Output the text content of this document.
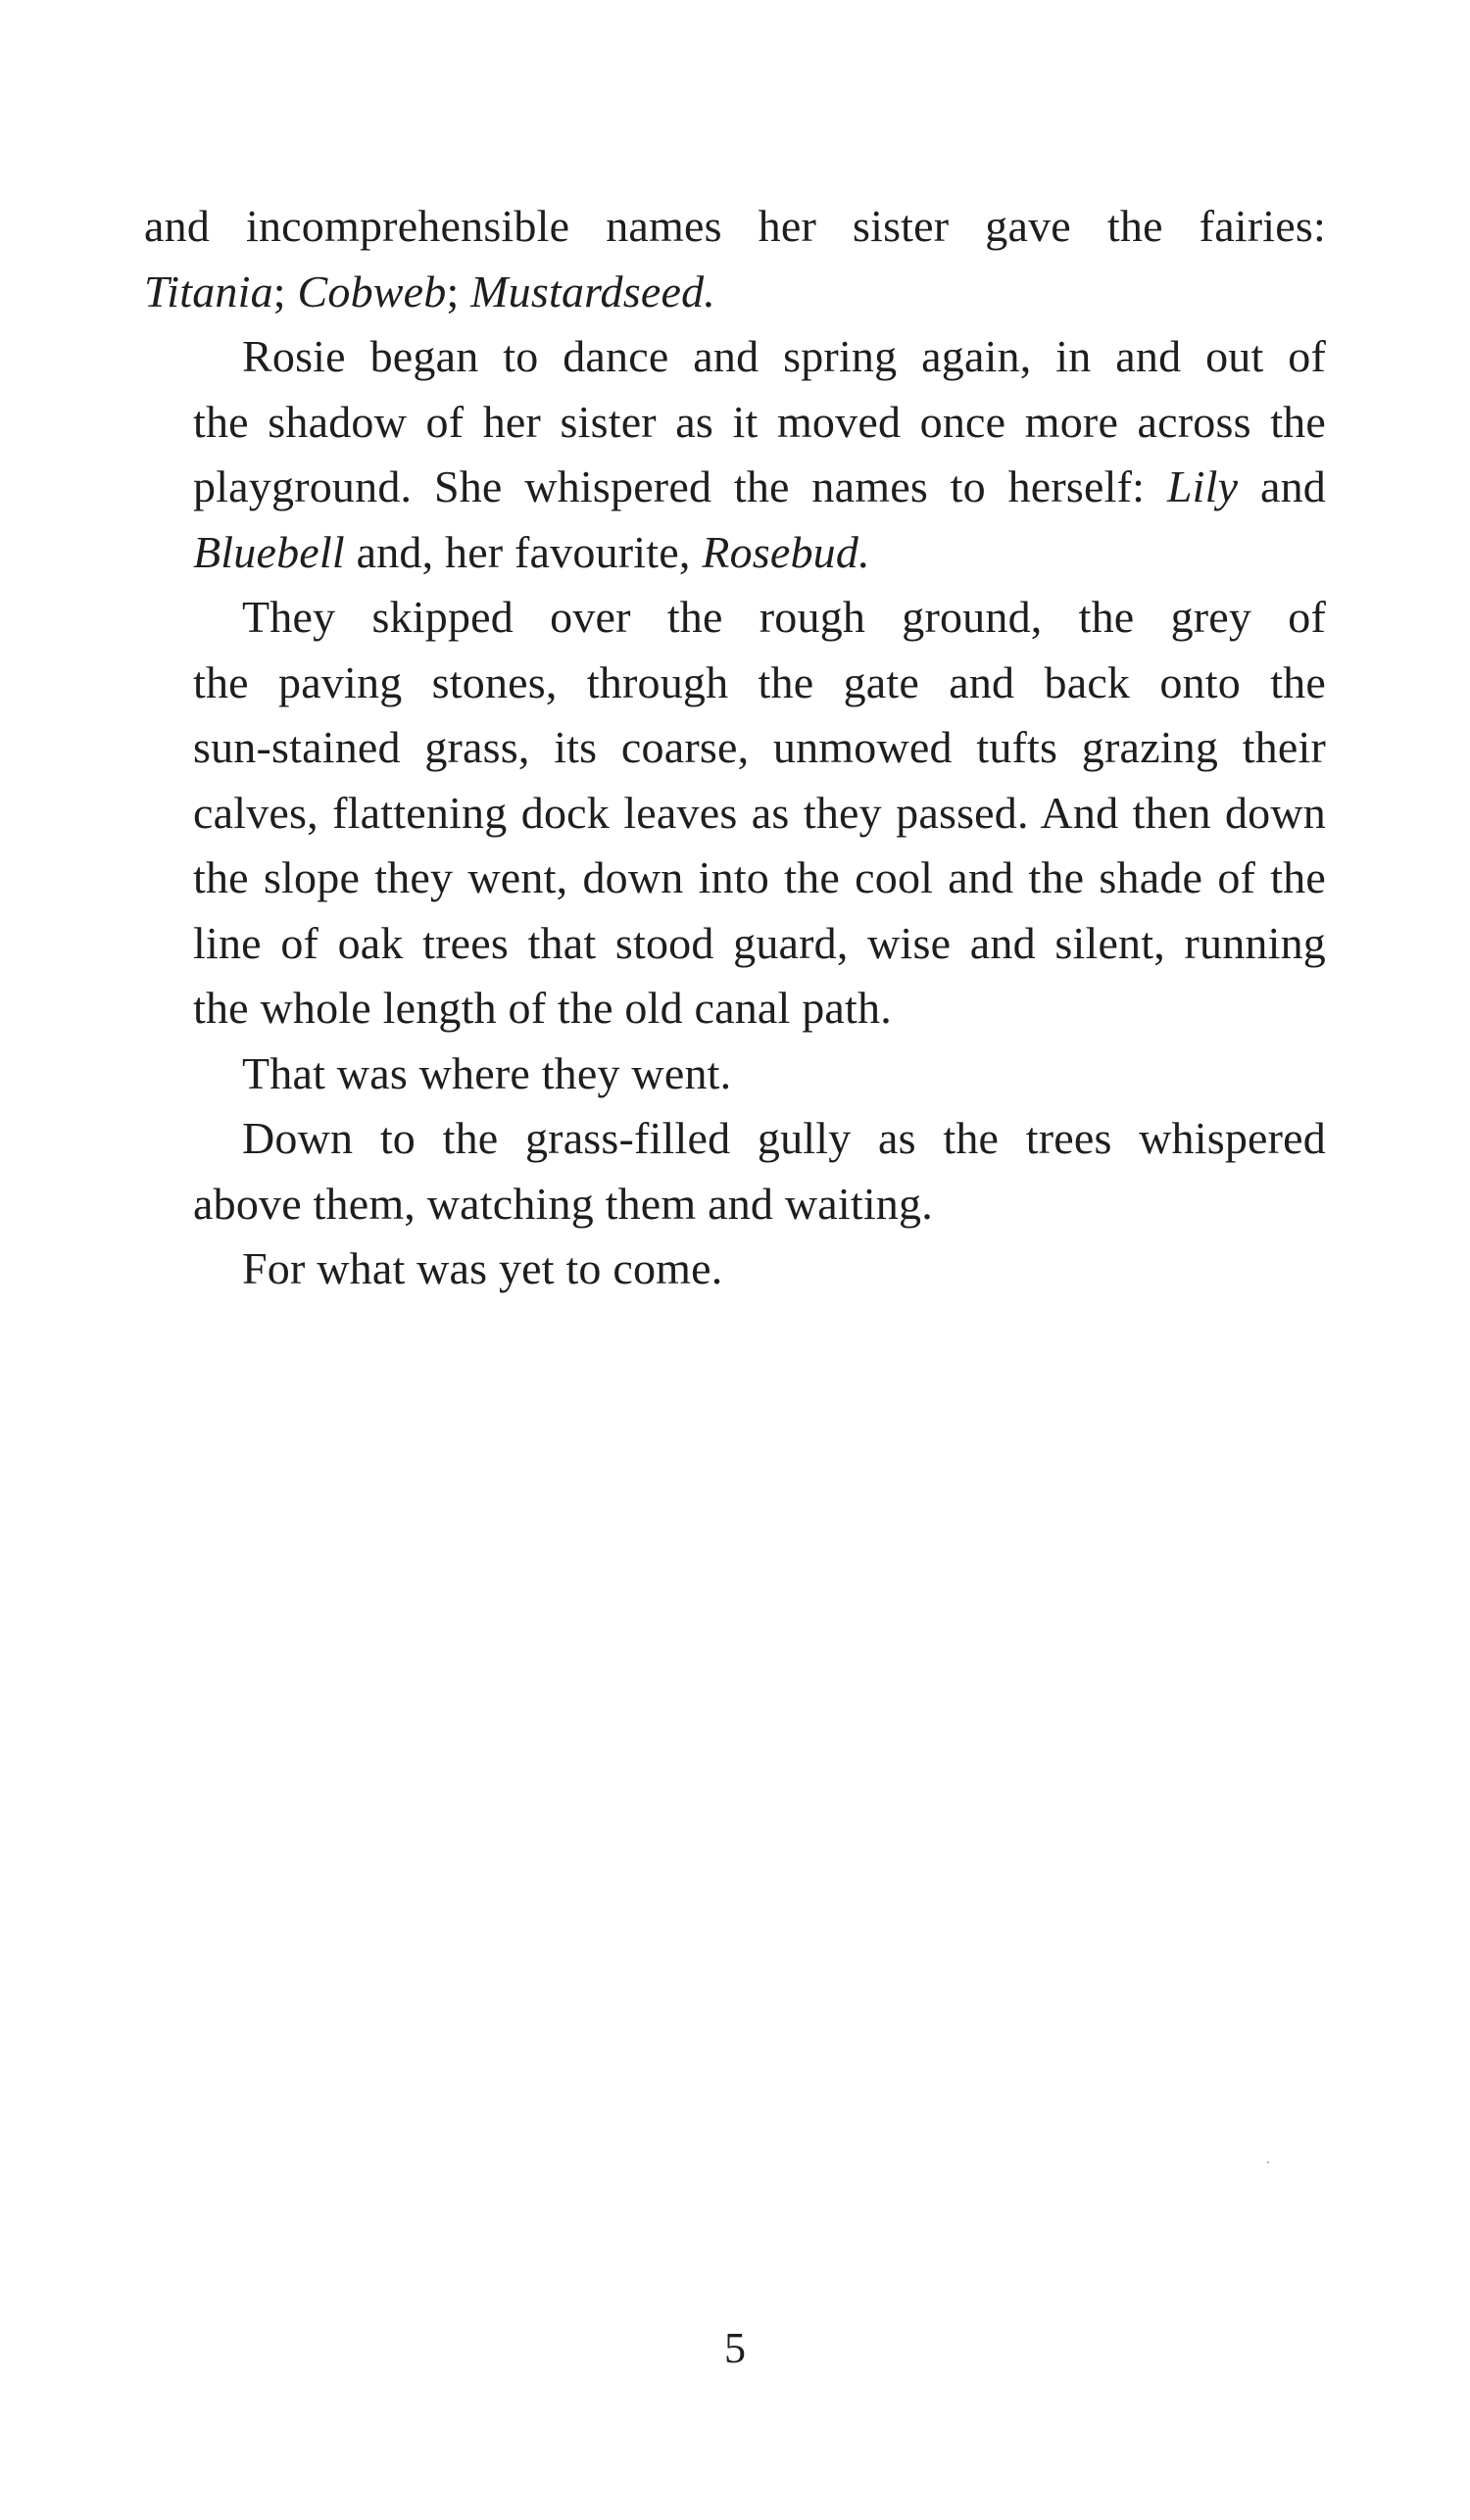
and incomprehensible names her sister gave the fairies:
Titania; Cobweb; Mustardseed.

Rosie began to dance and spring again, in and out of
the shadow of her sister as it moved once more across the
playground. She whispered the names to herself: Lily and
Bluebell and, her favourite, Rosebud.

They skipped over the rough ground, the grey of
the paving stones, through the gate and back onto the
sun-stained grass, its coarse, unmowed tufts grazing their
calves, flattening dock leaves as they passed. And then down
the slope they went, down into the cool and the shade of the
line of oak trees that stood guard, wise and silent, running
the whole length of the old canal path.

That was where they went.

Down to the grass-filled gully as the trees whispered
above them, watching them and waiting.

For what was yet to come.

5
